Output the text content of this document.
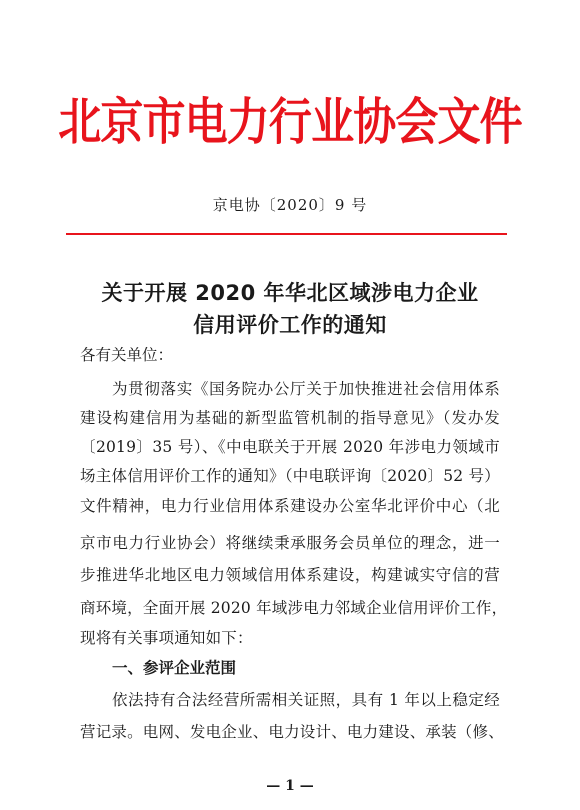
北京市电力行业协会文件
京电协〔2020〕9 号
关于开展 2020 年华北区域涉电力企业
信用评价工作的通知
各有关单位：
为贯彻落实《国务院办公厅关于加快推进社会信用体系
建设构建信用为基础的新型监管机制的指导意见》（发办发
〔2019〕35 号）、《中电联关于开展 2020 年涉电力领域市
场主体信用评价工作的通知》（中电联评询〔2020〕52 号）
文件精神，电力行业信用体系建设办公室华北评价中心（北
京市电力行业协会）将继续秉承服务会员单位的理念，进一
步推进华北地区电力领域信用体系建设，构建诚实守信的营
商环境，全面开展 2020 年域涉电力邻域企业信用评价工作，
现将有关事项通知如下：
一、参评企业范围
依法持有合法经营所需相关证照，具有 1 年以上稳定经
营记录。电网、发电企业、电力设计、电力建设、承装（修、
— 1 —
